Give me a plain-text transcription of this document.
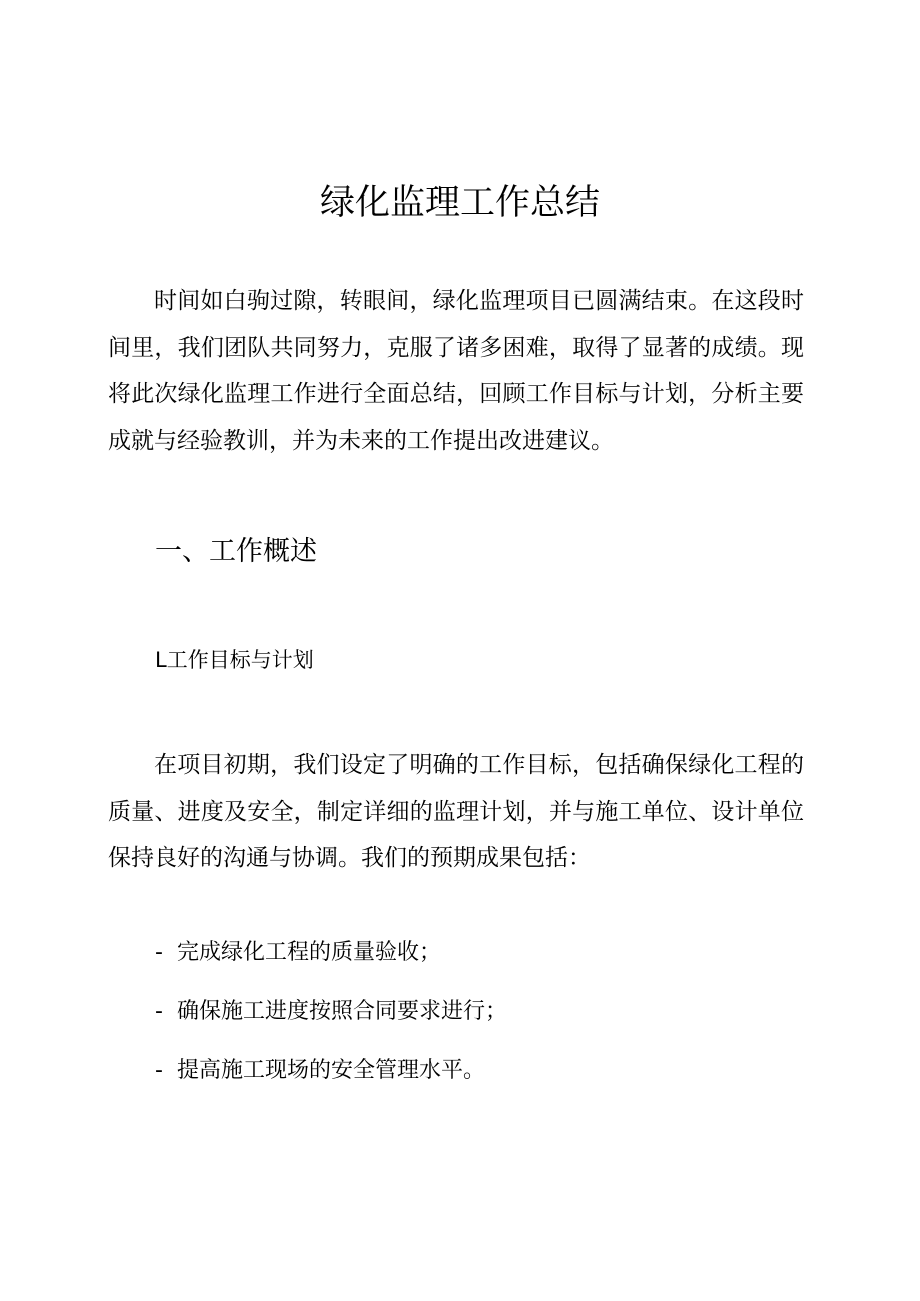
绿化监理工作总结

时间如白驹过隙，转眼间，绿化监理项目已圆满结束。在这段时间里，我们团队共同努力，克服了诸多困难，取得了显著的成绩。现将此次绿化监理工作进行全面总结，回顾工作目标与计划，分析主要成就与经验教训，并为未来的工作提出改进建议。

一、工作概述
L工作目标与计划

在项目初期，我们设定了明确的工作目标，包括确保绿化工程的质量、进度及安全，制定详细的监理计划，并与施工单位、设计单位保持良好的沟通与协调。我们的预期成果包括：

- 完成绿化工程的质量验收；
- 确保施工进度按照合同要求进行；
- 提高施工现场的安全管理水平。
